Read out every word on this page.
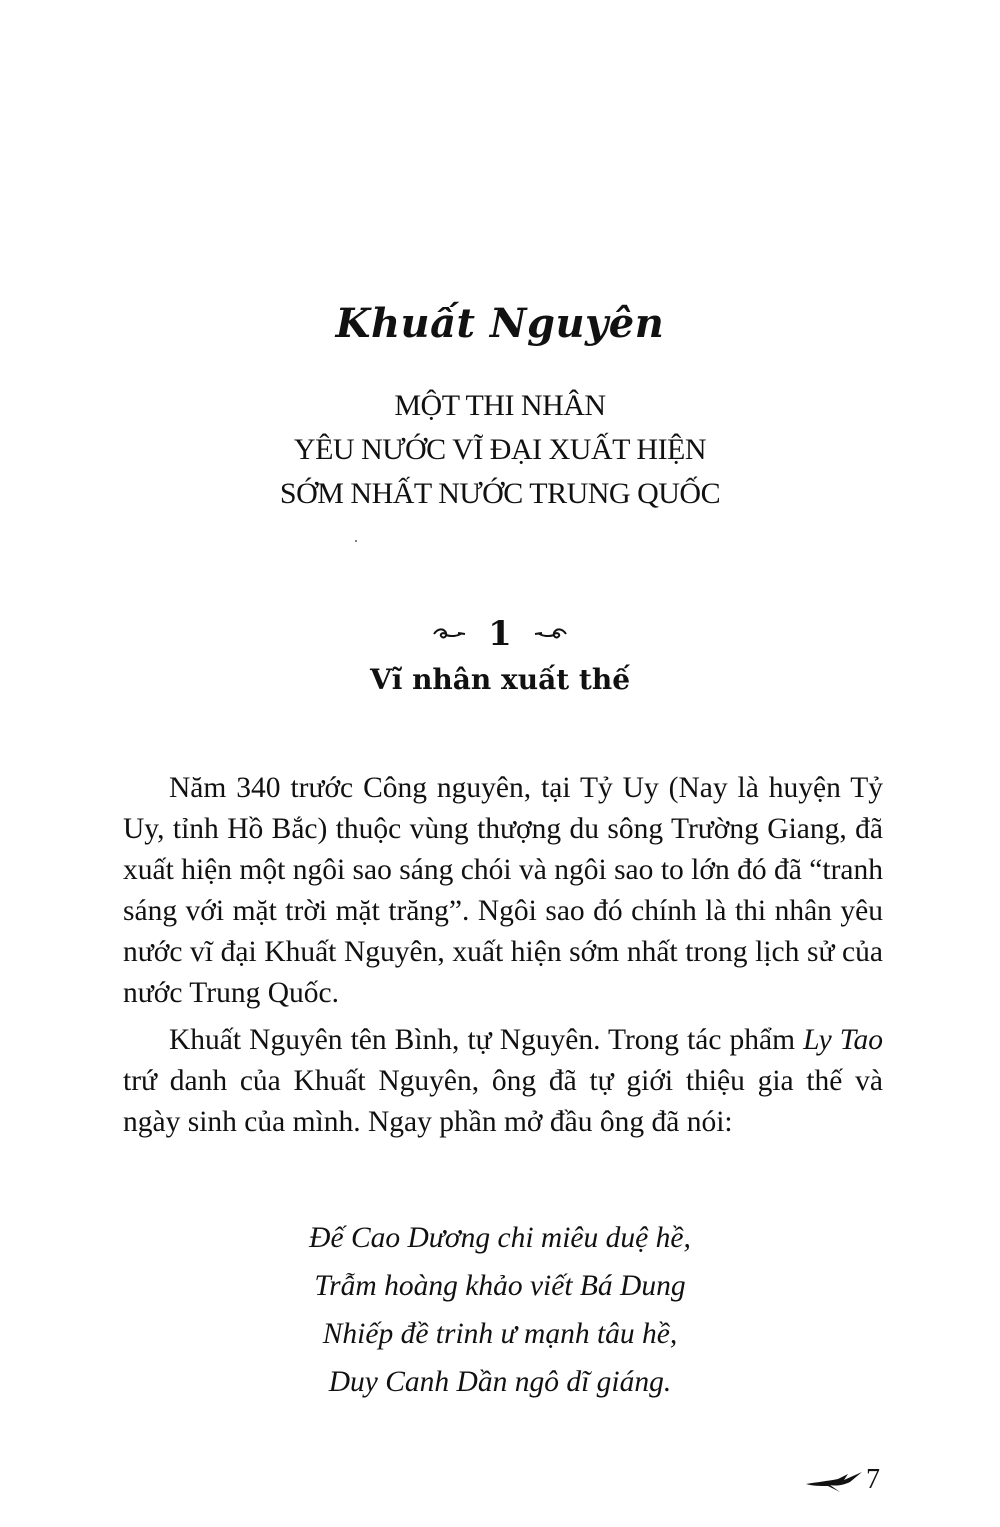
Khuất Nguyên
MỘT THI NHÂN
YÊU NƯỚC VĨ ĐẠI XUẤT HIỆN
SỚM NHẤT NƯỚC TRUNG QUỐC
1
Vĩ nhân xuất thế

Năm 340 trước Công nguyên, tại Tỷ Uy (Nay là huyện Tỷ Uy, tỉnh Hồ Bắc) thuộc vùng thượng du sông Trường Giang, đã xuất hiện một ngôi sao sáng chói và ngôi sao to lớn đó đã “tranh sáng với mặt trời mặt trăng”. Ngôi sao đó chính là thi nhân yêu nước vĩ đại Khuất Nguyên, xuất hiện sớm nhất trong lịch sử của nước Trung Quốc.

Khuất Nguyên tên Bình, tự Nguyên. Trong tác phẩm Ly Tao trứ danh của Khuất Nguyên, ông đã tự giới thiệu gia thế và ngày sinh của mình. Ngay phần mở đầu ông đã nói:

Đế Cao Dương chi miêu duệ hề,
Trẫm hoàng khảo viết Bá Dung
Nhiếp đề trinh ư mạnh tâu hề,
Duy Canh Dần ngô dĩ giáng.
7
